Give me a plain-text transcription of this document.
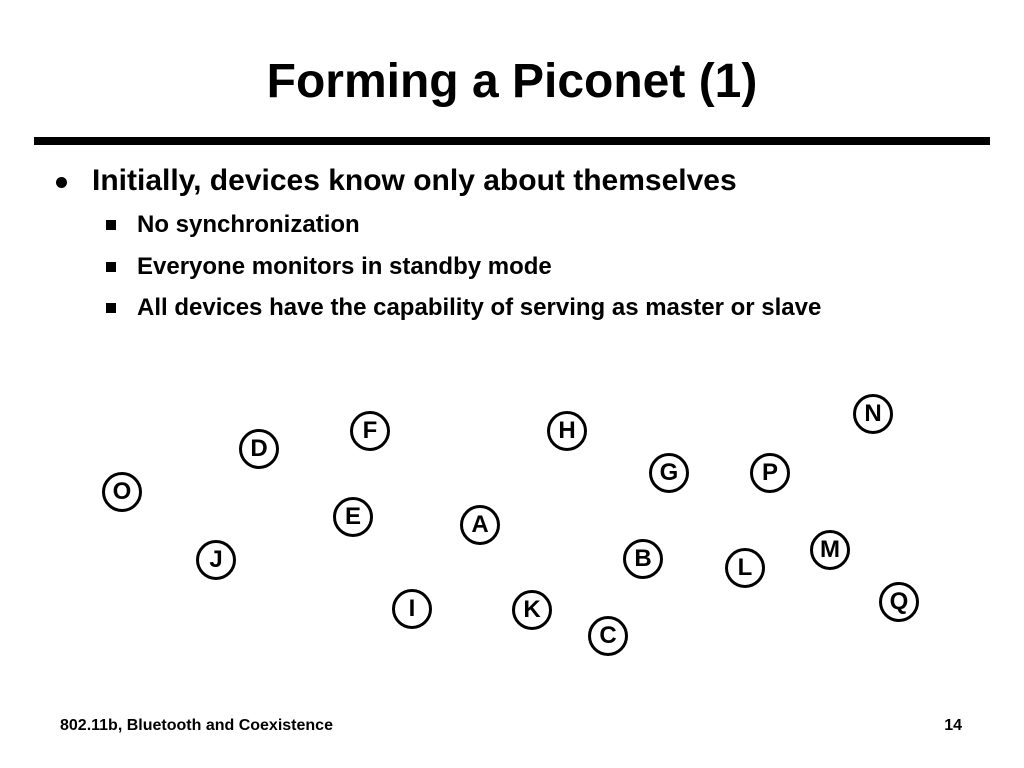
Forming a Piconet (1)
Initially, devices know only about themselves
No synchronization
Everyone monitors in standby mode
All devices have the capability of serving as master or slave
N
F	H
D
G	P
O
E	A
M
J	B	L
Q
I	K
C
802.11b, Bluetooth and Coexistence	14
